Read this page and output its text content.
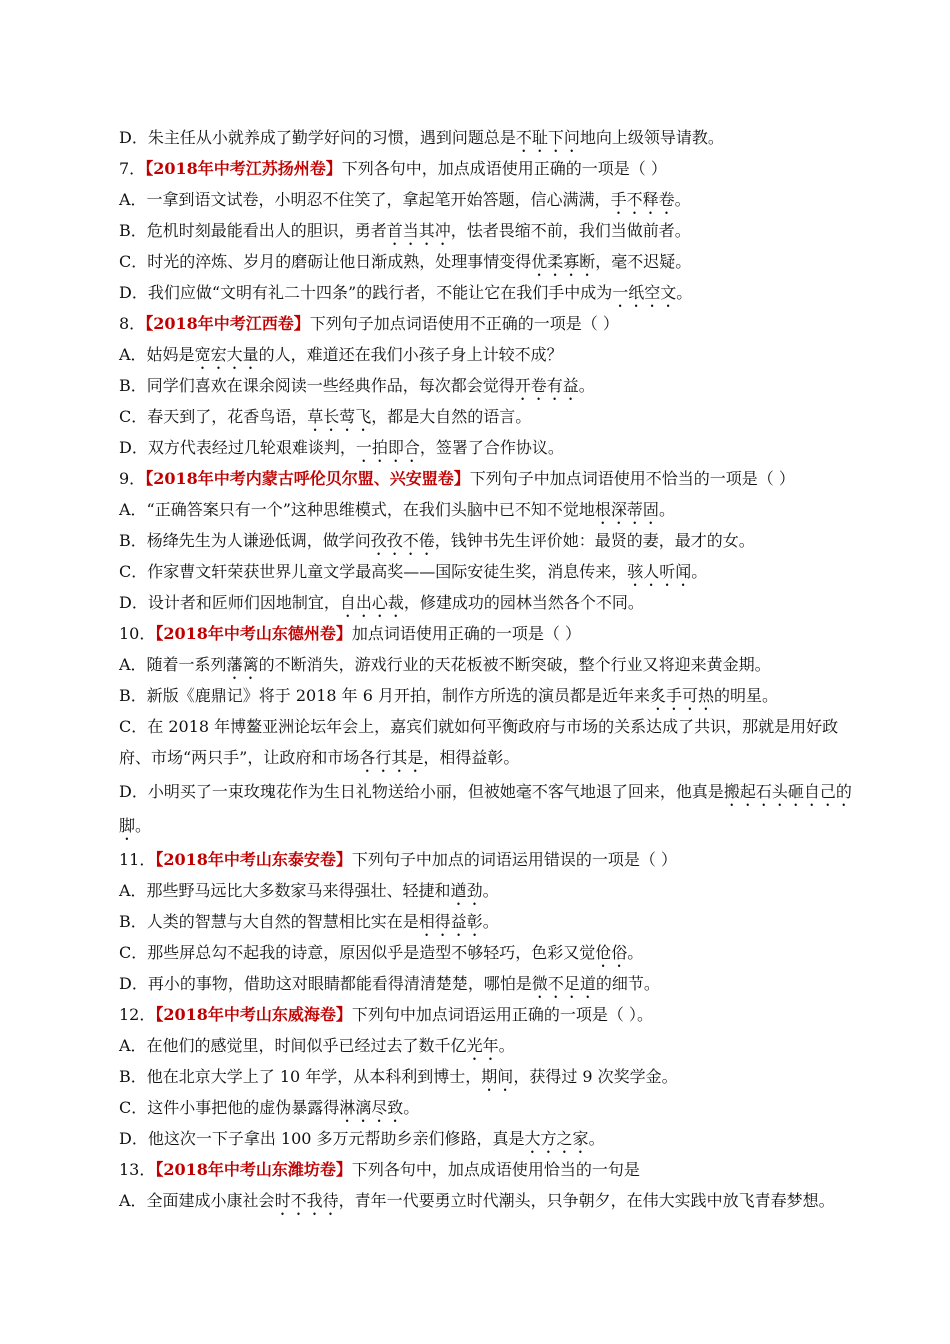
D．朱主任从小就养成了勤学好问的习惯，遇到问题总是不耻下问地向上级领导请教。
7．【2018年中考江苏扬州卷】下列各句中，加点成语使用正确的一项是（ ）
A．一拿到语文试卷，小明忍不住笑了，拿起笔开始答题，信心满满，手不释卷。
B．危机时刻最能看出人的胆识，勇者首当其冲，怯者畏缩不前，我们当做前者。
C．时光的淬炼、岁月的磨砺让他日渐成熟，处理事情变得优柔寡断，毫不迟疑。
D．我们应做“文明有礼二十四条”的践行者，不能让它在我们手中成为一纸空文。
8．【2018年中考江西卷】下列句子加点词语使用不正确的一项是（ ）
A．姑妈是宽宏大量的人，难道还在我们小孩子身上计较不成？
B．同学们喜欢在课余阅读一些经典作品，每次都会觉得开卷有益。
C．春天到了，花香鸟语，草长莺飞，都是大自然的语言。
D．双方代表经过几轮艰难谈判，一拍即合，签署了合作协议。
9．【2018年中考内蒙古呼伦贝尔盟、兴安盟卷】下列句子中加点词语使用不恰当的一项是（ ）
A．“正确答案只有一个”这种思维模式，在我们头脑中已不知不觉地根深蒂固。
B．杨绛先生为人谦逊低调，做学问孜孜不倦，钱钟书先生评价她：最贤的妻，最才的女。
C．作家曹文轩荣获世界儿童文学最高奖——国际安徒生奖，消息传来，骇人听闻。
D．设计者和匠师们因地制宜，自出心裁，修建成功的园林当然各个不同。
10．【2018年中考山东德州卷】加点词语使用正确的一项是（ ）
A．随着一系列藩篱的不断消失，游戏行业的天花板被不断突破，整个行业又将迎来黄金期。
B．新版《鹿鼎记》将于 2018 年 6 月开拍，制作方所选的演员都是近年来炙手可热的明星。
C．在 2018 年博鳌亚洲论坛年会上，嘉宾们就如何平衡政府与市场的关系达成了共识，那就是用好政府、市场“两只手”，让政府和市场各行其是，相得益彰。
D．小明买了一束玫瑰花作为生日礼物送给小丽，但被她毫不客气地退了回来，他真是搬起石头砸自己的脚。
11．【2018年中考山东泰安卷】下列句子中加点的词语运用错误的一项是（ ）
A．那些野马远比大多数家马来得强壮、轻捷和遒劲。
B．人类的智慧与大自然的智慧相比实在是相得益彰。
C．那些屏总勾不起我的诗意，原因似乎是造型不够轻巧，色彩又觉伧俗。
D．再小的事物，借助这对眼睛都能看得清清楚楚，哪怕是微不足道的细节。
12．【2018年中考山东威海卷】下列句中加点词语运用正确的一项是（ ）。
A．在他们的感觉里，时间似乎已经过去了数千亿光年。
B．他在北京大学上了 10 年学，从本科利到博士，期间，获得过 9 次奖学金。
C．这件小事把他的虚伪暴露得淋漓尽致。
D．他这次一下子拿出 100 多万元帮助乡亲们修路，真是大方之家。
13．【2018年中考山东潍坊卷】下列各句中，加点成语使用恰当的一句是
A．全面建成小康社会时不我待，青年一代要勇立时代潮头，只争朝夕，在伟大实践中放飞青春梦想。
